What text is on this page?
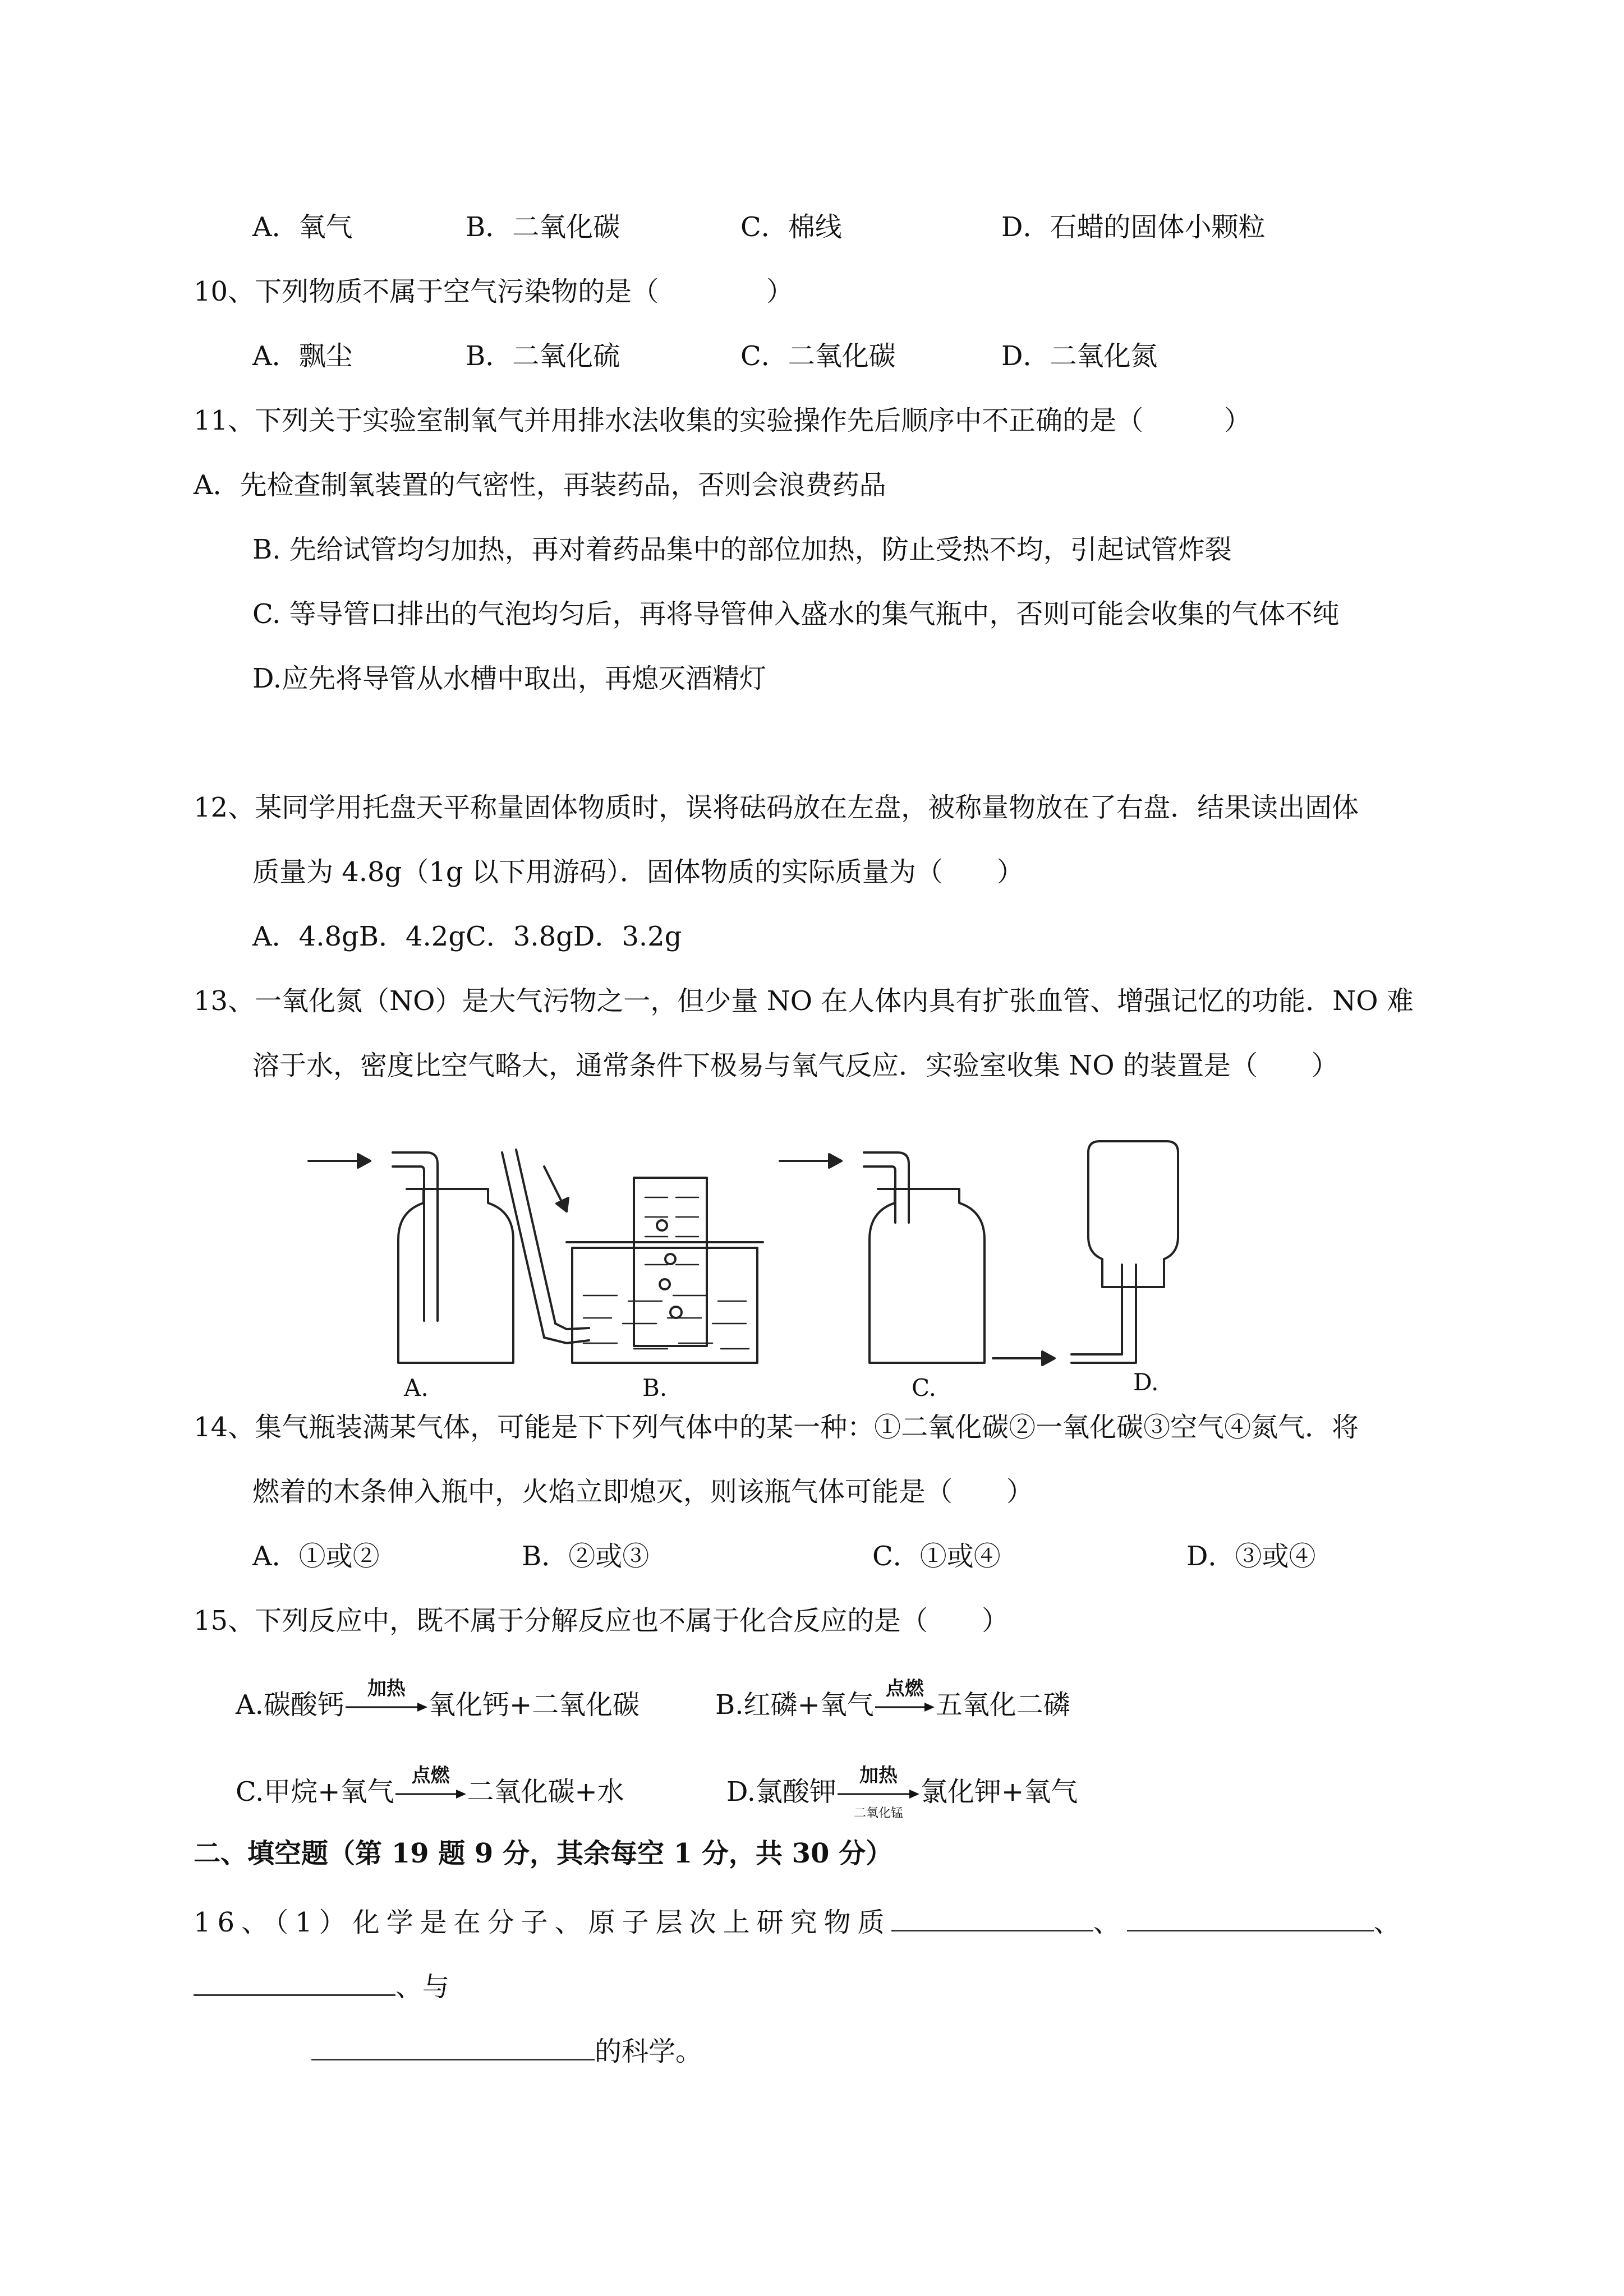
A．氧气	B．二氧化碳	C．棉线	D．石蜡的固体小颗粒
10、下列物质不属于空气污染物的是（　　　　）
A．飘尘	B．二氧化硫	C．二氧化碳	D．二氧化氮
11、下列关于实验室制氧气并用排水法收集的实验操作先后顺序中不正确的是（　　　）
A．先检查制氧装置的气密性，再装药品，否则会浪费药品
B. 先给试管均匀加热，再对着药品集中的部位加热，防止受热不均，引起试管炸裂
C. 等导管口排出的气泡均匀后，再将导管伸入盛水的集气瓶中，否则可能会收集的气体不纯
D.应先将导管从水槽中取出，再熄灭酒精灯
12、某同学用托盘天平称量固体物质时，误将砝码放在左盘，被称量物放在了右盘．结果读出固体
质量为 4.8g（1g 以下用游码）．固体物质的实际质量为（　　）
A．4.8gB．4.2gC．3.8gD．3.2g
13、一氧化氮（NO）是大气污物之一，但少量 NO 在人体内具有扩张血管、增强记忆的功能．NO 难
溶于水，密度比空气略大，通常条件下极易与氧气反应．实验室收集 NO 的装置是（　　）
A.	B.	C.	D.
14、集气瓶装满某气体，可能是下下列气体中的某一种：①二氧化碳②一氧化碳③空气④氮气．将
燃着的木条伸入瓶中，火焰立即熄灭，则该瓶气体可能是（　　）
A．①或②	B．②或③	C．①或④	D．③或④
15、下列反应中，既不属于分解反应也不属于化合反应的是（　　）
A.碳酸钙
加热
氧化钙+二氧化碳	B.红磷+氧气
点燃
五氧化二磷
C.甲烷+氧气
点燃
二氧化碳+水	D.氯酸钾
加热
二氧化锰
氯化钾+氧气
二、填空题（第 19 题 9 分，其余每空 1 分，共 30 分）
16、（1）化学是在分子、原子层次上研究物质	、	、
、与
的科学。
